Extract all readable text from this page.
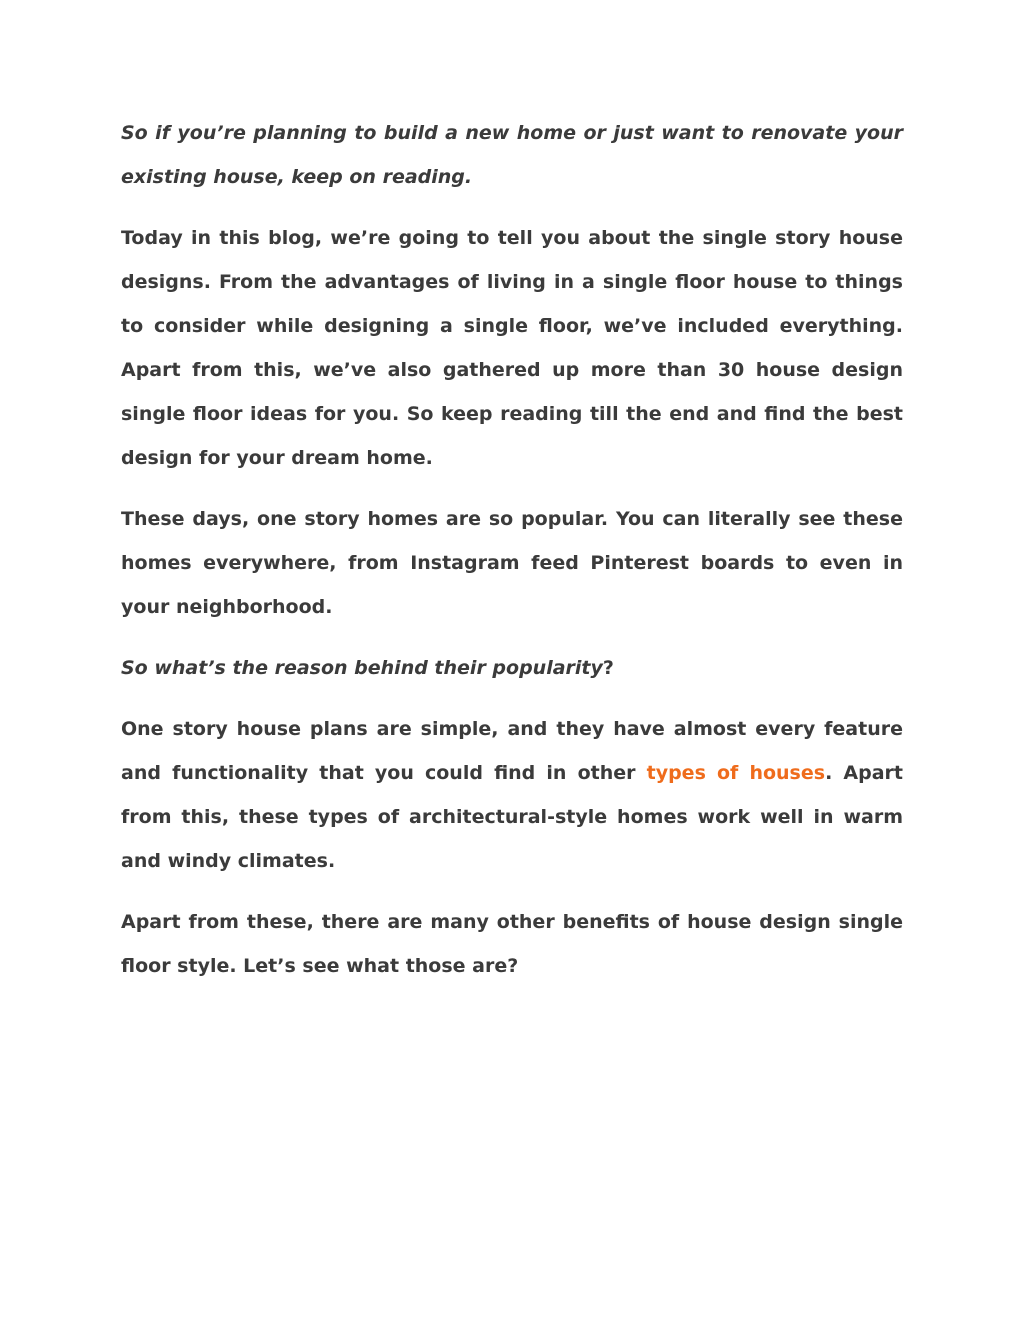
So if you’re planning to build a new home or just want to renovate your existing house, keep on reading.

Today in this blog, we’re going to tell you about the single story house designs. From the advantages of living in a single floor house to things to consider while designing a single floor, we’ve included everything. Apart from this, we’ve also gathered up more than 30 house design single floor ideas for you. So keep reading till the end and find the best design for your dream home.

These days, one story homes are so popular. You can literally see these homes everywhere, from Instagram feed Pinterest boards to even in your neighborhood.

So what’s the reason behind their popularity?

One story house plans are simple, and they have almost every feature and functionality that you could find in other types of houses. Apart from this, these types of architectural-style homes work well in warm and windy climates.

Apart from these, there are many other benefits of house design single floor style. Let’s see what those are?
